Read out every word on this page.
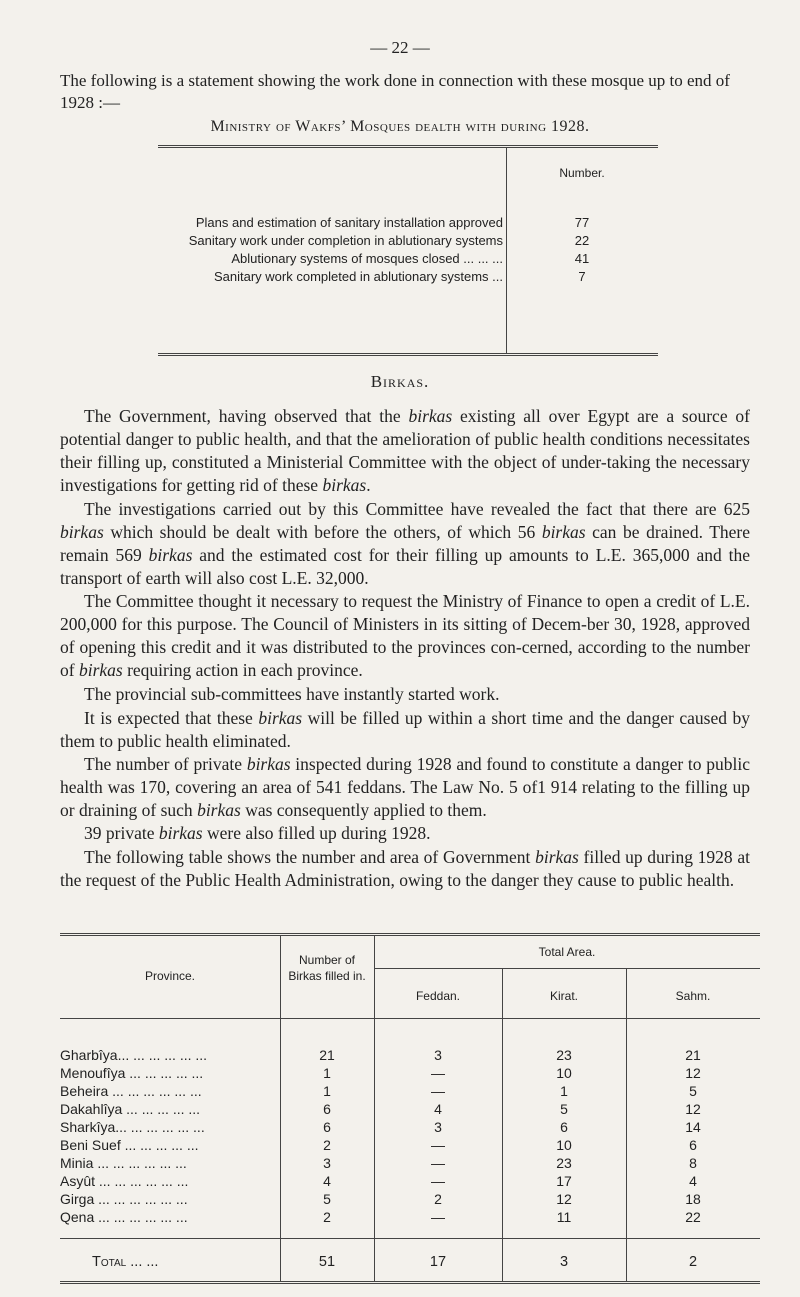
— 22 —

The following is a statement showing the work done in connection with these mosque up to end of 1928 :—

Ministry of Wakfs’ Mosques dealth with during 1928.
Number.
Plans and estimation of sanitary installation approved	77
Sanitary work under completion in ablutionary systems	22
Ablutionary systems of mosques closed ... ... ...	41
Sanitary work completed in ablutionary systems ...	7
Birkas.

The Government, having observed that the birkas existing all over Egypt are a source of potential danger to public health, and that the amelioration of public health conditions necessitates their filling up, constituted a Ministerial Committee with the object of under-taking the necessary investigations for getting rid of these birkas.

The investigations carried out by this Committee have revealed the fact that there are 625 birkas which should be dealt with before the others, of which 56 birkas can be drained. There remain 569 birkas and the estimated cost for their filling up amounts to L.E. 365,000 and the transport of earth will also cost L.E. 32,000.

The Committee thought it necessary to request the Ministry of Finance to open a credit of L.E. 200,000 for this purpose. The Council of Ministers in its sitting of Decem-ber 30, 1928, approved of opening this credit and it was distributed to the provinces con-cerned, according to the number of birkas requiring action in each province.

The provincial sub-committees have instantly started work.

It is expected that these birkas will be filled up within a short time and the danger caused by them to public health eliminated.

The number of private birkas inspected during 1928 and found to constitute a danger to public health was 170, covering an area of 541 feddans. The Law No. 5 of1 914 relating to the filling up or draining of such birkas was consequently applied to them.

39 private birkas were also filled up during 1928.

The following table shows the number and area of Government birkas filled up during 1928 at the request of the Public Health Administration, owing to the danger they cause to public health.

Province.
Number of Birkas filled in.
Total Area.
Feddan.	Kirat.	Sahm.
Gharbîya... ... ... ... ... ...	21	3	23	21
Menoufîya ... ... ... ... ...	1	—	10	12
Beheira ... ... ... ... ... ...	1	—	1	5
Dakahlîya ... ... ... ... ...	6	4	5	12
Sharkîya... ... ... ... ... ...	6	3	6	14
Beni Suef ... ... ... ... ...	2	—	10	6
Minia ... ... ... ... ... ...	3	—	23	8
Asyût ... ... ... ... ... ...	4	—	17	4
Girga ... ... ... ... ... ...	5	2	12	18
Qena ... ... ... ... ... ...	2	—	11	22
Total ... ...	51	17	3	2
